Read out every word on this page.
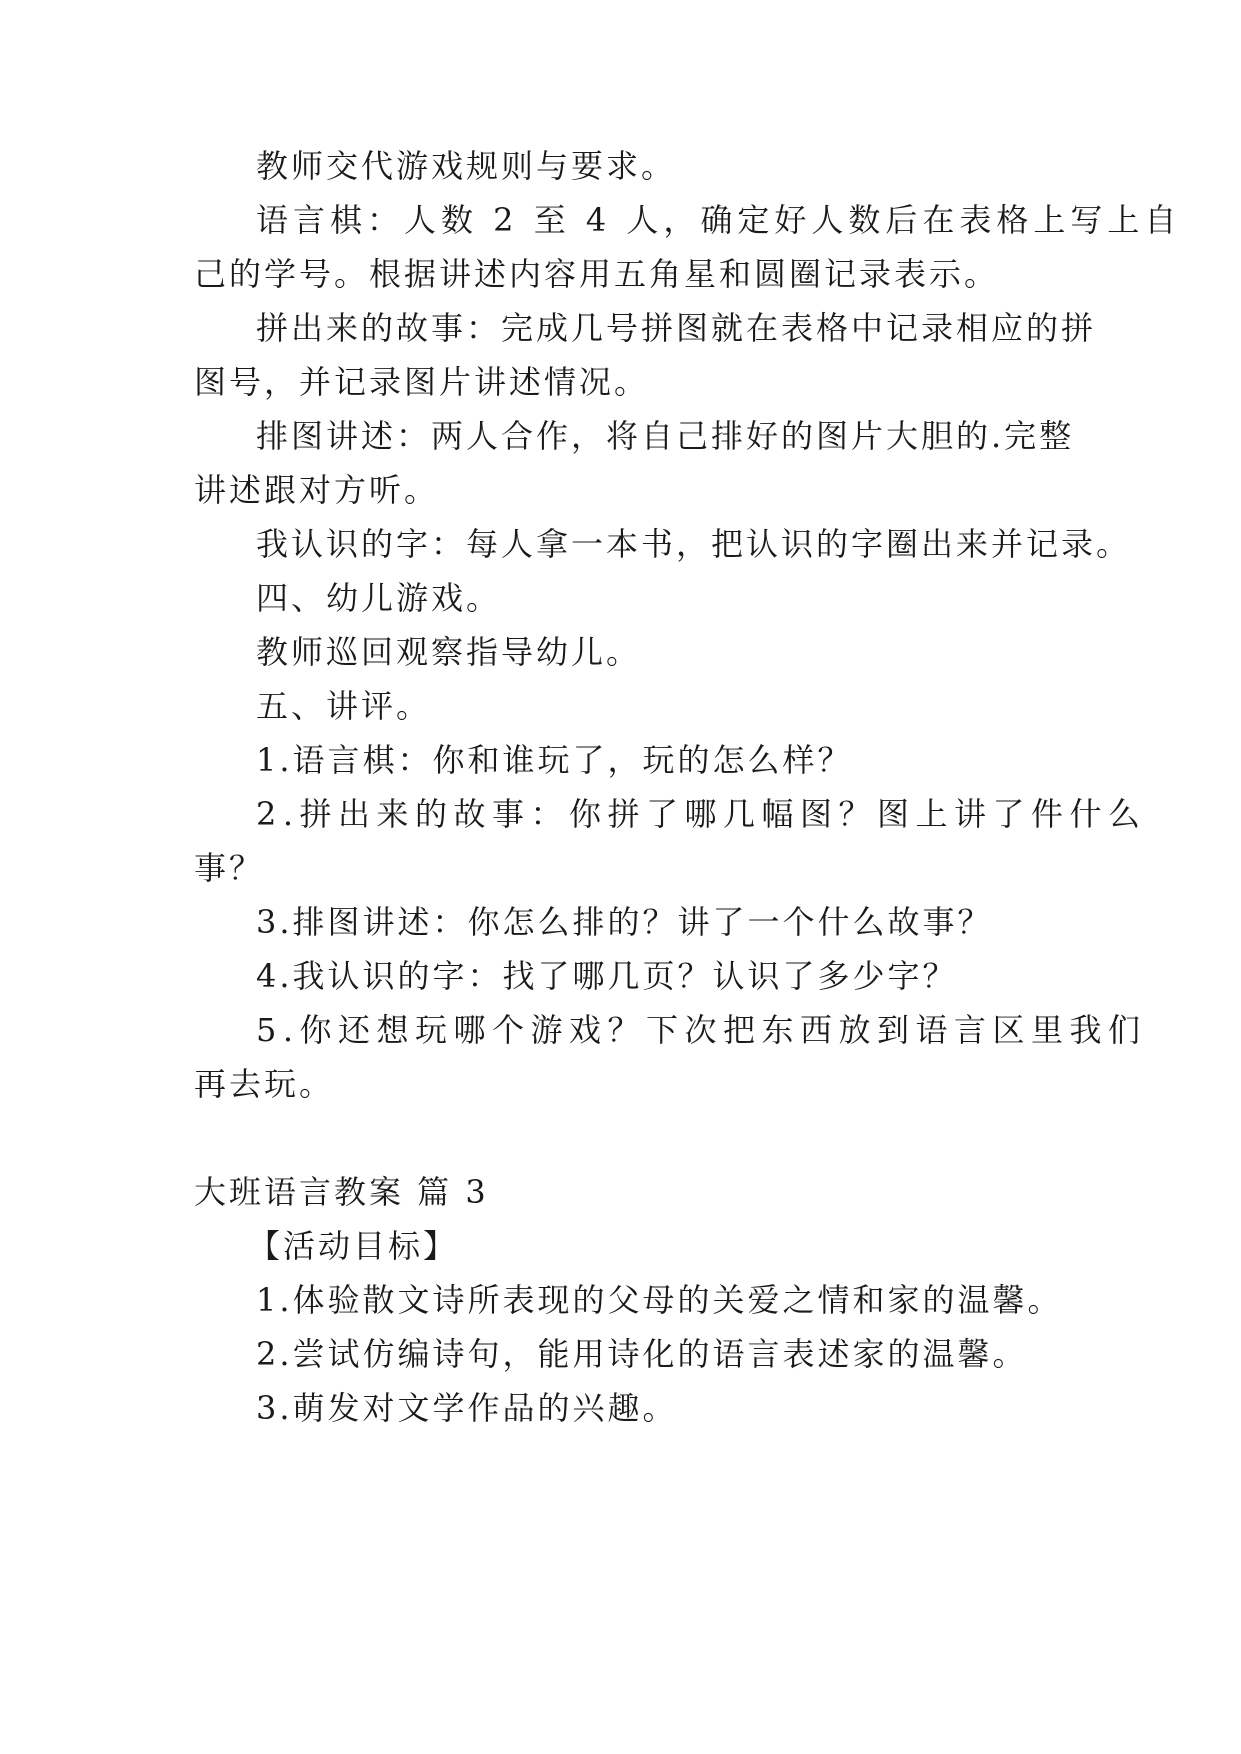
教师交代游戏规则与要求。
语言棋：人数 2 至 4 人，确定好人数后在表格上写上自
己的学号。根据讲述内容用五角星和圆圈记录表示。
拼出来的故事：完成几号拼图就在表格中记录相应的拼
图号，并记录图片讲述情况。
排图讲述：两人合作，将自己排好的图片大胆的.完整
讲述跟对方听。
我认识的字：每人拿一本书，把认识的字圈出来并记录。
四、幼儿游戏。
教师巡回观察指导幼儿。
五、讲评。
1.语言棋：你和谁玩了，玩的怎么样？
2.拼出来的故事：你拼了哪几幅图？图上讲了件什么
事？
3.排图讲述：你怎么排的？讲了一个什么故事？
4.我认识的字：找了哪几页？认识了多少字？
5.你还想玩哪个游戏？下次把东西放到语言区里我们
再去玩。
大班语言教案 篇 3
【活动目标】
1.体验散文诗所表现的父母的关爱之情和家的温馨。
2.尝试仿编诗句，能用诗化的语言表述家的温馨。
3.萌发对文学作品的兴趣。
